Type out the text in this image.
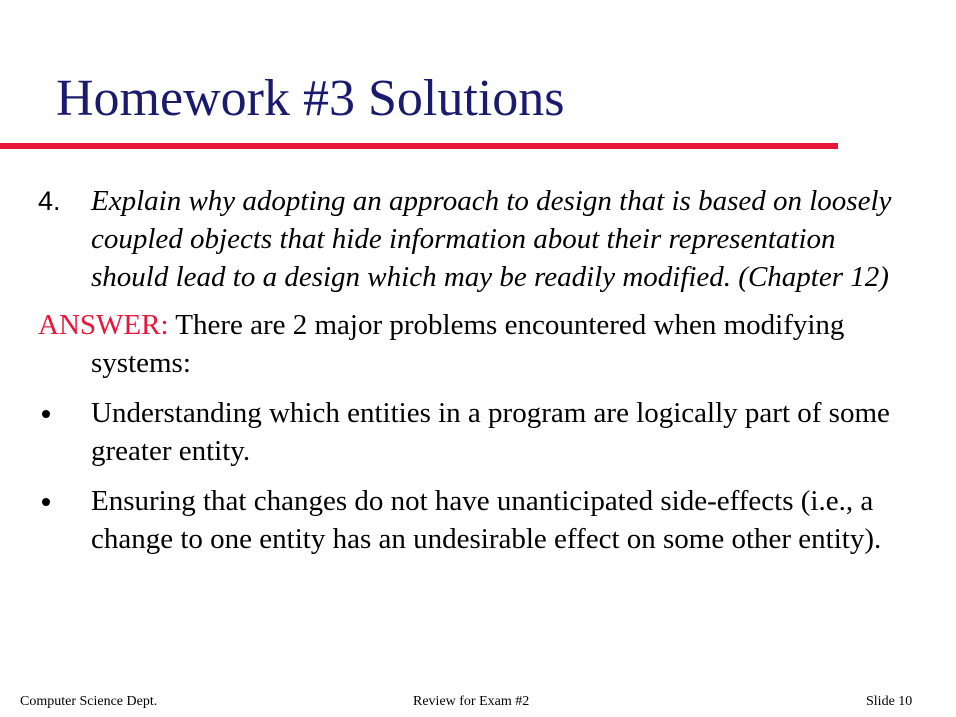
Homework #3 Solutions

4. Explain why adopting an approach to design that is based on loosely coupled objects that hide information about their representation should lead to a design which may be readily modified. (Chapter 12)

ANSWER: There are 2 major problems encountered when modifying systems:

Understanding which entities in a program are logically part of some greater entity.
Ensuring that changes do not have unanticipated side-effects (i.e., a change to one entity has an undesirable effect on some other entity).
Computer Science Dept.	Review for Exam #2	Slide 10
